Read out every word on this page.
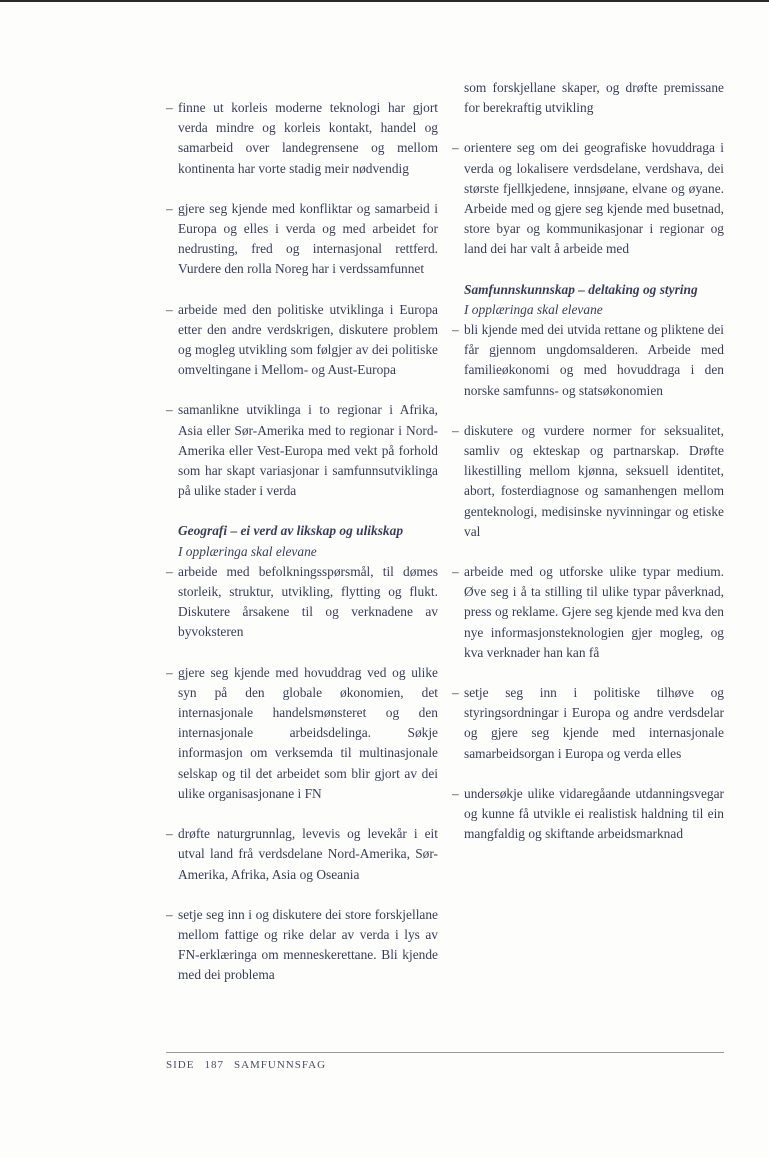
– finne ut korleis moderne teknologi har gjort verda mindre og korleis kontakt, handel og samarbeid over landegrensene og mellom kontinenta har vorte stadig meir nødvendig
– gjere seg kjende med konfliktar og samarbeid i Europa og elles i verda og med arbeidet for nedrusting, fred og internasjonal rettferd. Vurdere den rolla Noreg har i verdssamfunnet
– arbeide med den politiske utviklinga i Europa etter den andre verdskrigen, diskutere problem og mogleg utvikling som følgjer av dei politiske omveltingane i Mellom- og Aust-Europa
– samanlikne utviklinga i to regionar i Afrika, Asia eller Sør-Amerika med to regionar i Nord-Amerika eller Vest-Europa med vekt på forhold som har skapt variasjonar i samfunnsutviklinga på ulike stader i verda
Geografi – ei verd av likskap og ulikskap
I opplæringa skal elevane
– arbeide med befolkningsspørsmål, til dømes storleik, struktur, utvikling, flytting og flukt. Diskutere årsakene til og verknadene av byvoksteren
– gjere seg kjende med hovuddrag ved og ulike syn på den globale økonomien, det internasjonale handelsmønsteret og den internasjonale arbeidsdelinga. Søkje informasjon om verksemda til multinasjonale selskap og til det arbeidet som blir gjort av dei ulike organisasjonane i FN
– drøfte naturgrunnlag, levevis og levekår i eit utval land frå verdsdelane Nord-Amerika, Sør-Amerika, Afrika, Asia og Oseania
– setje seg inn i og diskutere dei store forskjellane mellom fattige og rike delar av verda i lys av FN-erklæringa om menneskerettane. Bli kjende med dei problema
som forskjellane skaper, og drøfte premissane for berekraftig utvikling
– orientere seg om dei geografiske hovuddraga i verda og lokalisere verdsdelane, verdshava, dei største fjellkjedene, innsjøane, elvane og øyane. Arbeide med og gjere seg kjende med busetnad, store byar og kommunikasjonar i regionar og land dei har valt å arbeide med
Samfunnskunnskap – deltaking og styring
I opplæringa skal elevane
– bli kjende med dei utvida rettane og pliktene dei får gjennom ungdomsalderen. Arbeide med familieøkonomi og med hovuddraga i den norske samfunns- og statsøkonomien
– diskutere og vurdere normer for seksualitet, samliv og ekteskap og partnarskap. Drøfte likestilling mellom kjønna, seksuell identitet, abort, fosterdiagnose og samanhengen mellom genteknologi, medisinske nyvinningar og etiske val
– arbeide med og utforske ulike typar medium. Øve seg i å ta stilling til ulike typar påverknad, press og reklame. Gjere seg kjende med kva den nye informasjonsteknologien gjer mogleg, og kva verknader han kan få
– setje seg inn i politiske tilhøve og styringsordningar i Europa og andre verdsdelar og gjere seg kjende med internasjonale samarbeidsorgan i Europa og verda elles
– undersøkje ulike vidaregåande utdanningsvegar og kunne få utvikle ei realistisk haldning til ein mangfaldig og skiftande arbeidsmarknad
SIDE 187 SAMFUNNSFAG
